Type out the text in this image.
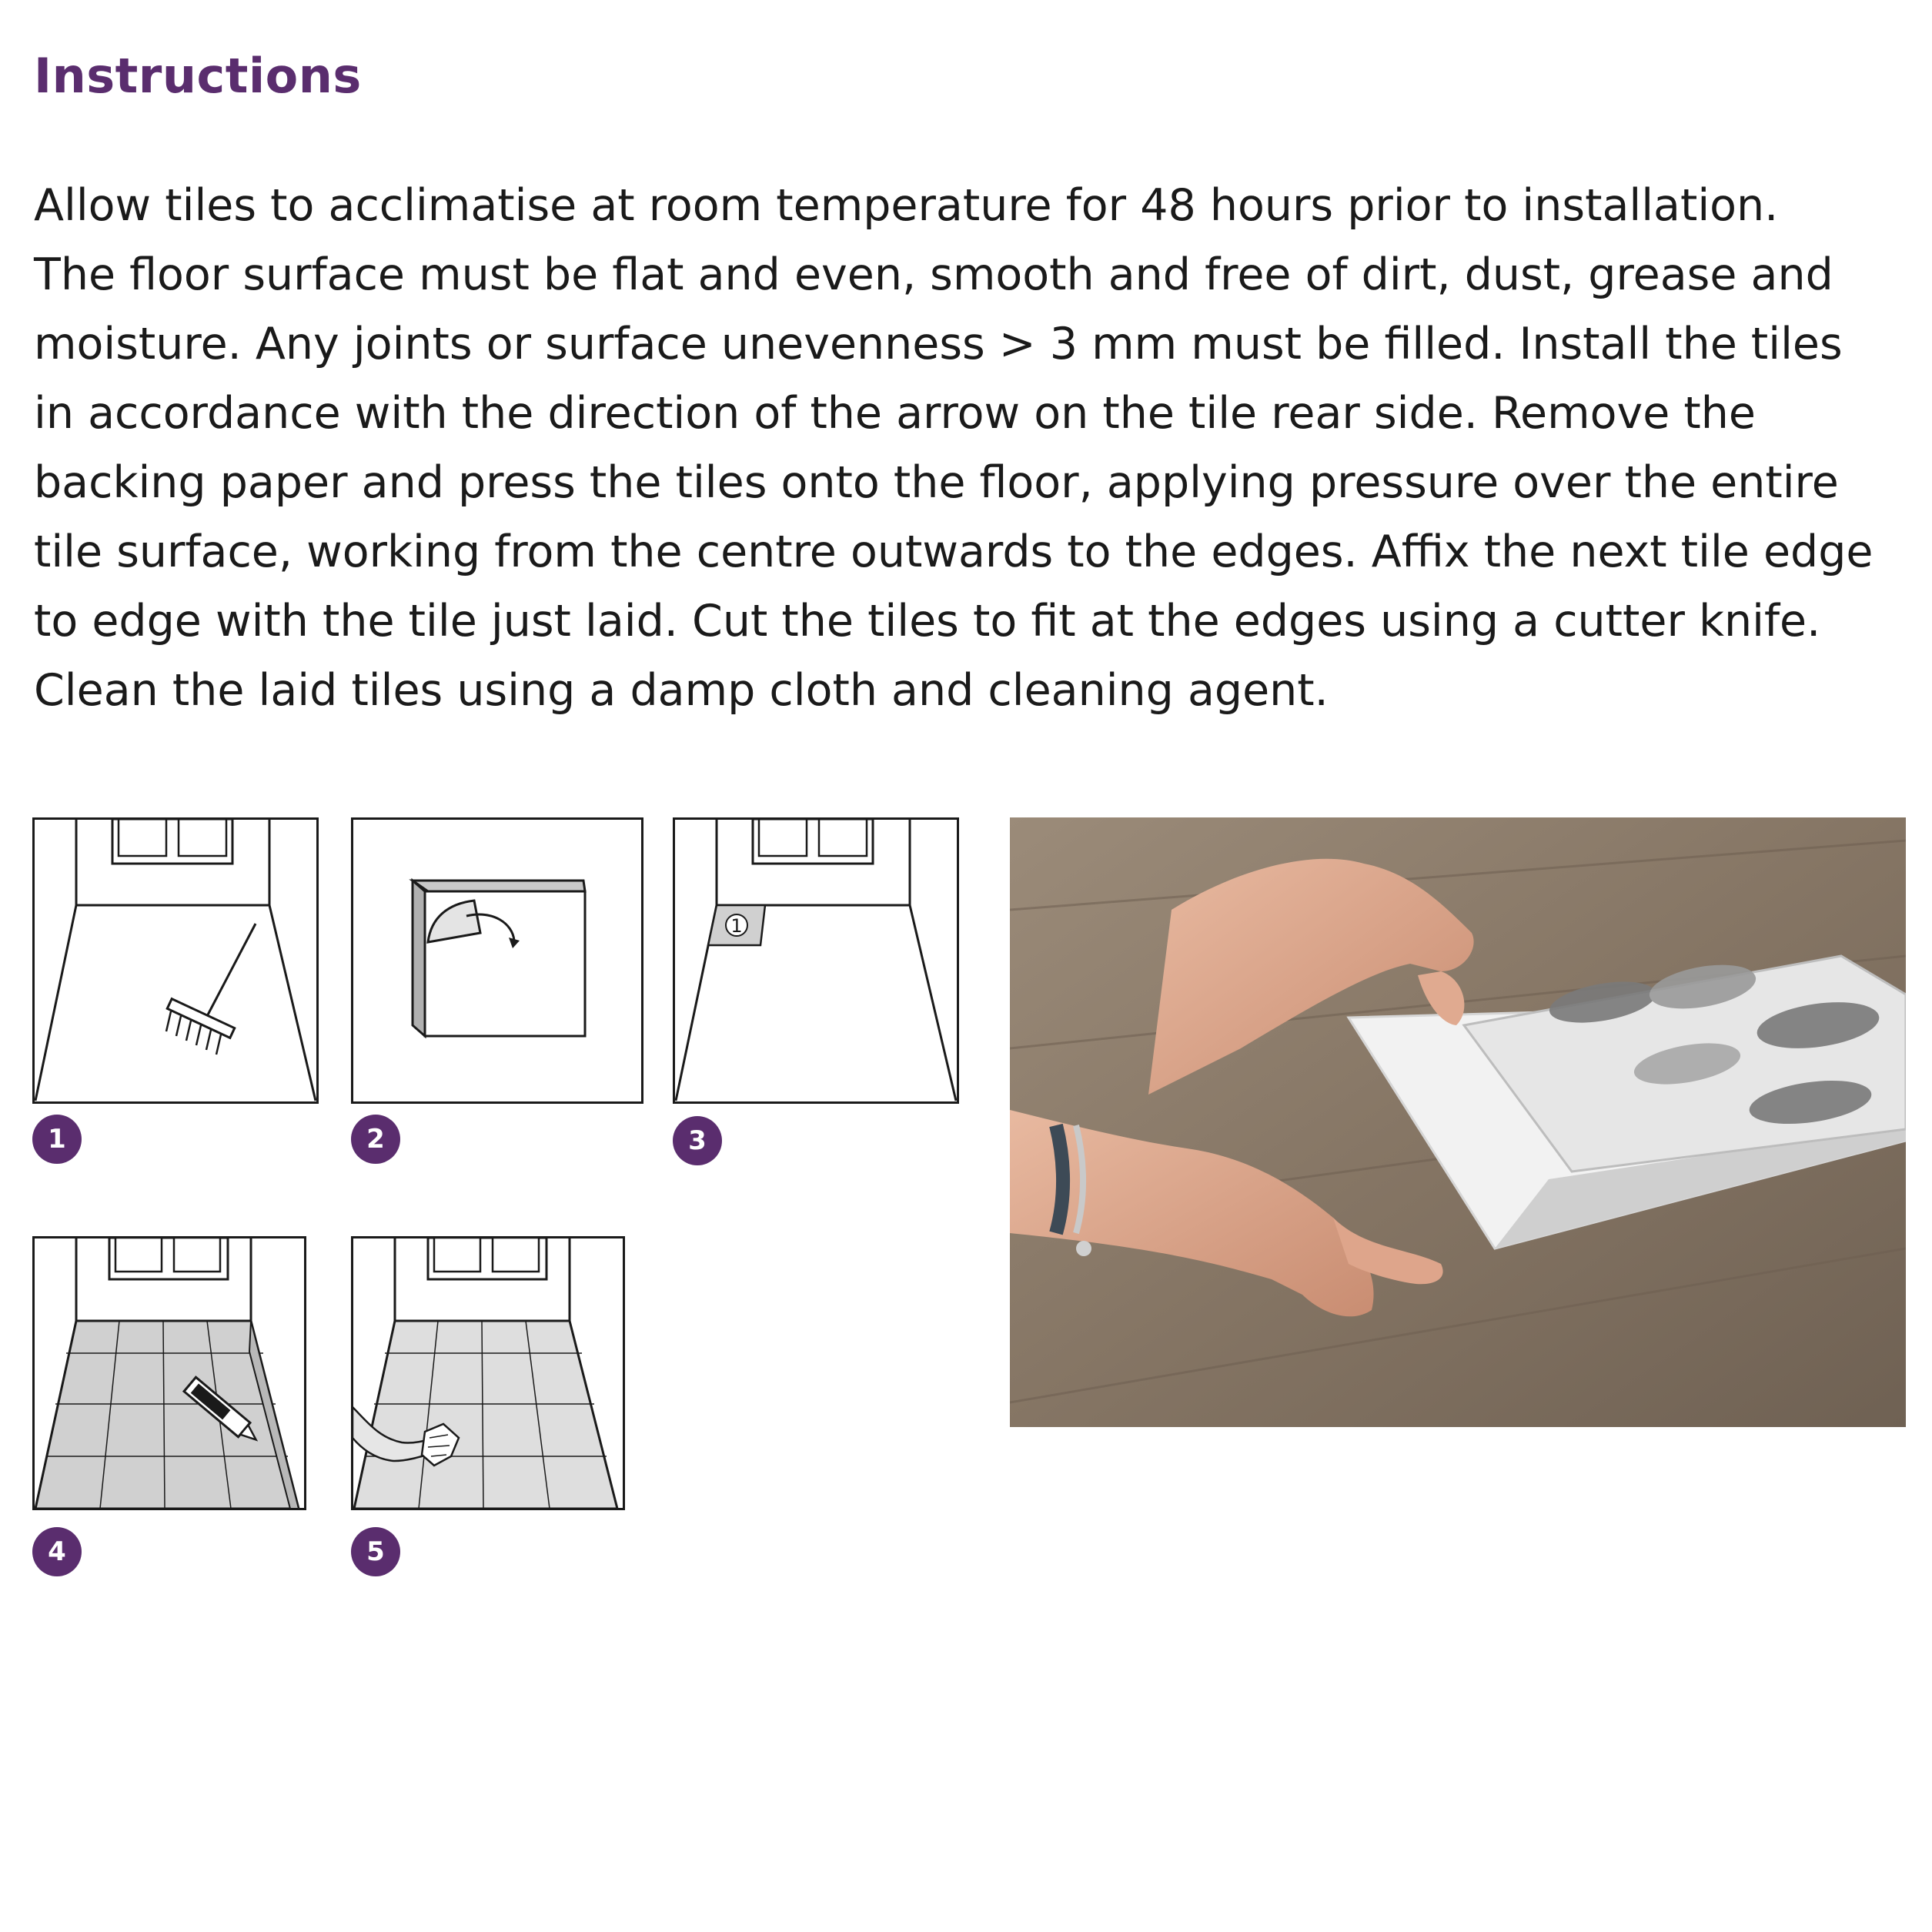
Instructions
Allow tiles to acclimatise at room temperature for 48 hours prior to installation.
The floor surface must be flat and even, smooth and free of dirt, dust, grease and
moisture. Any joints or surface unevenness > 3 mm must be filled. Install the tiles
in accordance with the direction of the arrow on the tile rear side. Remove the
backing paper and press the tiles onto the floor, applying pressure over the entire
tile surface, working from the centre outwards to the edges. Affix the next tile edge
to edge with the tile just laid. Cut the tiles to fit at the edges using a cutter knife.
Clean the laid tiles using a damp cloth and cleaning agent.
1	2
1
3
4	5
